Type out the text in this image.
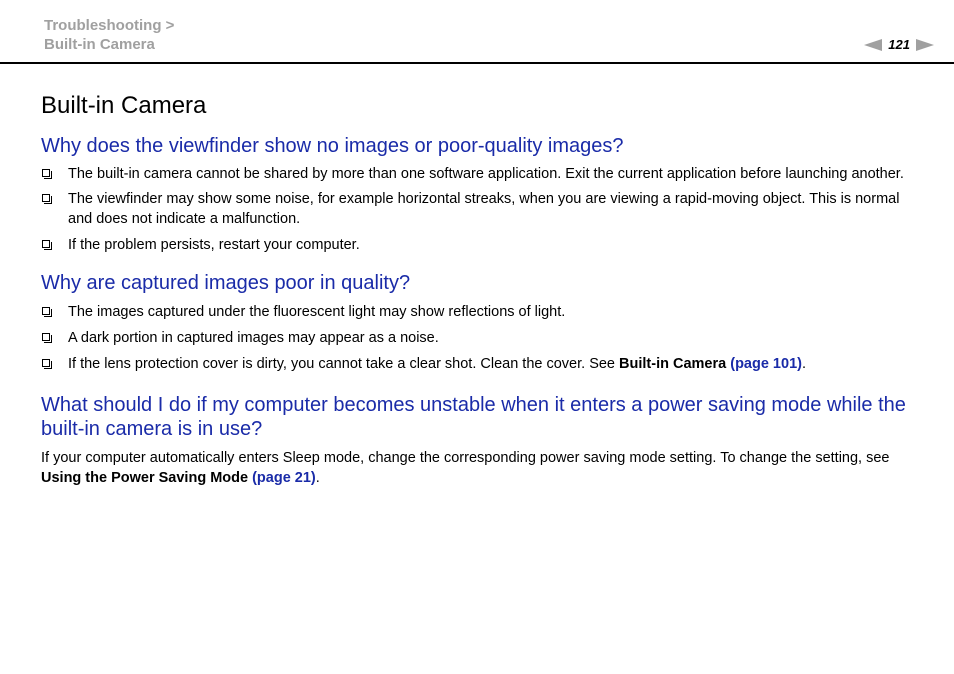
Troubleshooting >
Built-in Camera	121
Built-in Camera
Why does the viewfinder show no images or poor-quality images?
The built-in camera cannot be shared by more than one software application. Exit the current application before launching another.
The viewfinder may show some noise, for example horizontal streaks, when you are viewing a rapid-moving object. This is normal and does not indicate a malfunction.
If the problem persists, restart your computer.
Why are captured images poor in quality?
The images captured under the fluorescent light may show reflections of light.
A dark portion in captured images may appear as a noise.
If the lens protection cover is dirty, you cannot take a clear shot. Clean the cover. See Built-in Camera (page 101).
What should I do if my computer becomes unstable when it enters a power saving mode while the built-in camera is in use?

If your computer automatically enters Sleep mode, change the corresponding power saving mode setting. To change the setting, see Using the Power Saving Mode (page 21).
